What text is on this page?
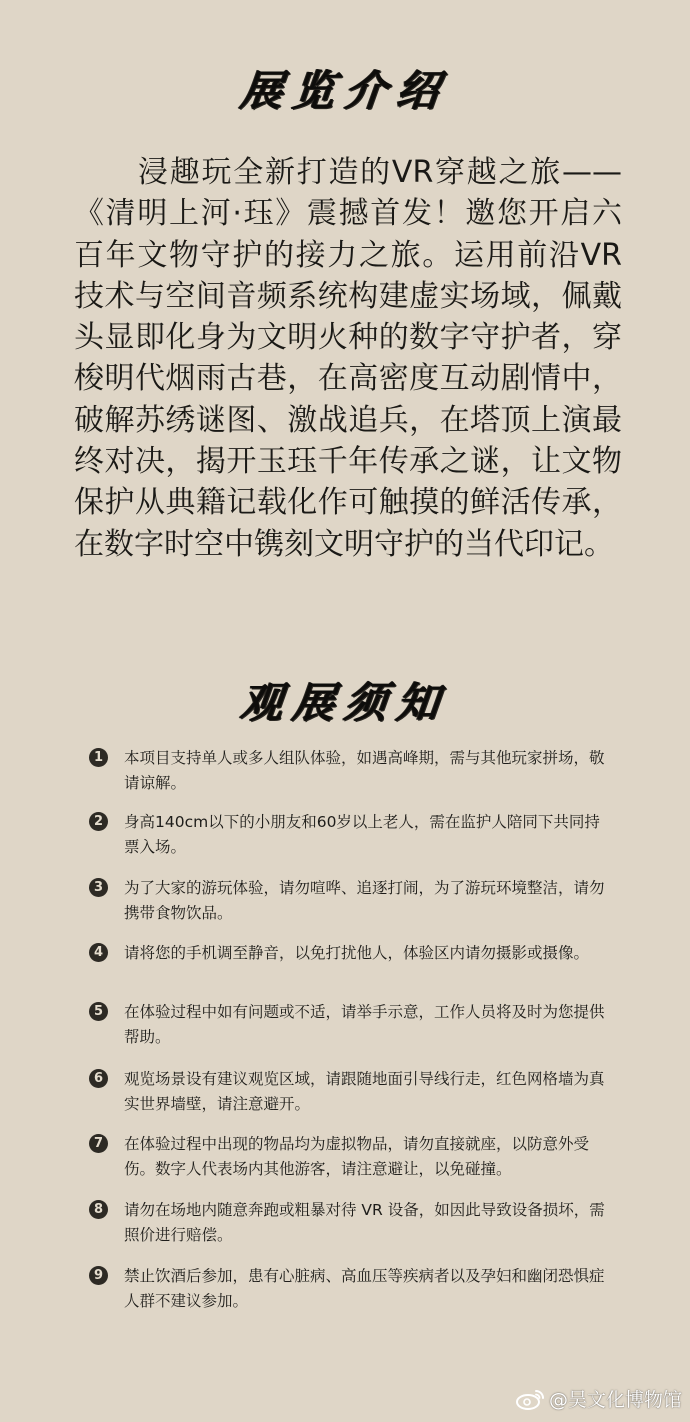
展览介绍
浸趣玩全新打造的VR穿越之旅——《清明上河·珏》震撼首发！邀您开启六百年文物守护的接力之旅。运用前沿VR技术与空间音频系统构建虚实场域，佩戴头显即化身为文明火种的数字守护者，穿梭明代烟雨古巷，在高密度互动剧情中，破解苏绣谜图、激战追兵，在塔顶上演最终对决，揭开玉珏千年传承之谜，让文物保护从典籍记载化作可触摸的鲜活传承，在数字时空中镌刻文明守护的当代印记。
观展须知
1	本项目支持单人或多人组队体验，如遇高峰期，需与其他玩家拼场，敬请谅解。
2	身高140cm以下的小朋友和60岁以上老人，需在监护人陪同下共同持票入场。
3	为了大家的游玩体验，请勿喧哗、追逐打闹，为了游玩环境整洁，请勿携带食物饮品。
4	请将您的手机调至静音，以免打扰他人，体验区内请勿摄影或摄像。
5	在体验过程中如有问题或不适，请举手示意，工作人员将及时为您提供帮助。
6	观览场景设有建议观览区域，请跟随地面引导线行走，红色网格墙为真实世界墙壁，请注意避开。
7	在体验过程中出现的物品均为虚拟物品，请勿直接就座，以防意外受伤。数字人代表场内其他游客，请注意避让，以免碰撞。
8	请勿在场地内随意奔跑或粗暴对待 VR 设备，如因此导致设备损坏，需照价进行赔偿。
9	禁止饮酒后参加，患有心脏病、高血压等疾病者以及孕妇和幽闭恐惧症人群不建议参加。
@吴文化博物馆
